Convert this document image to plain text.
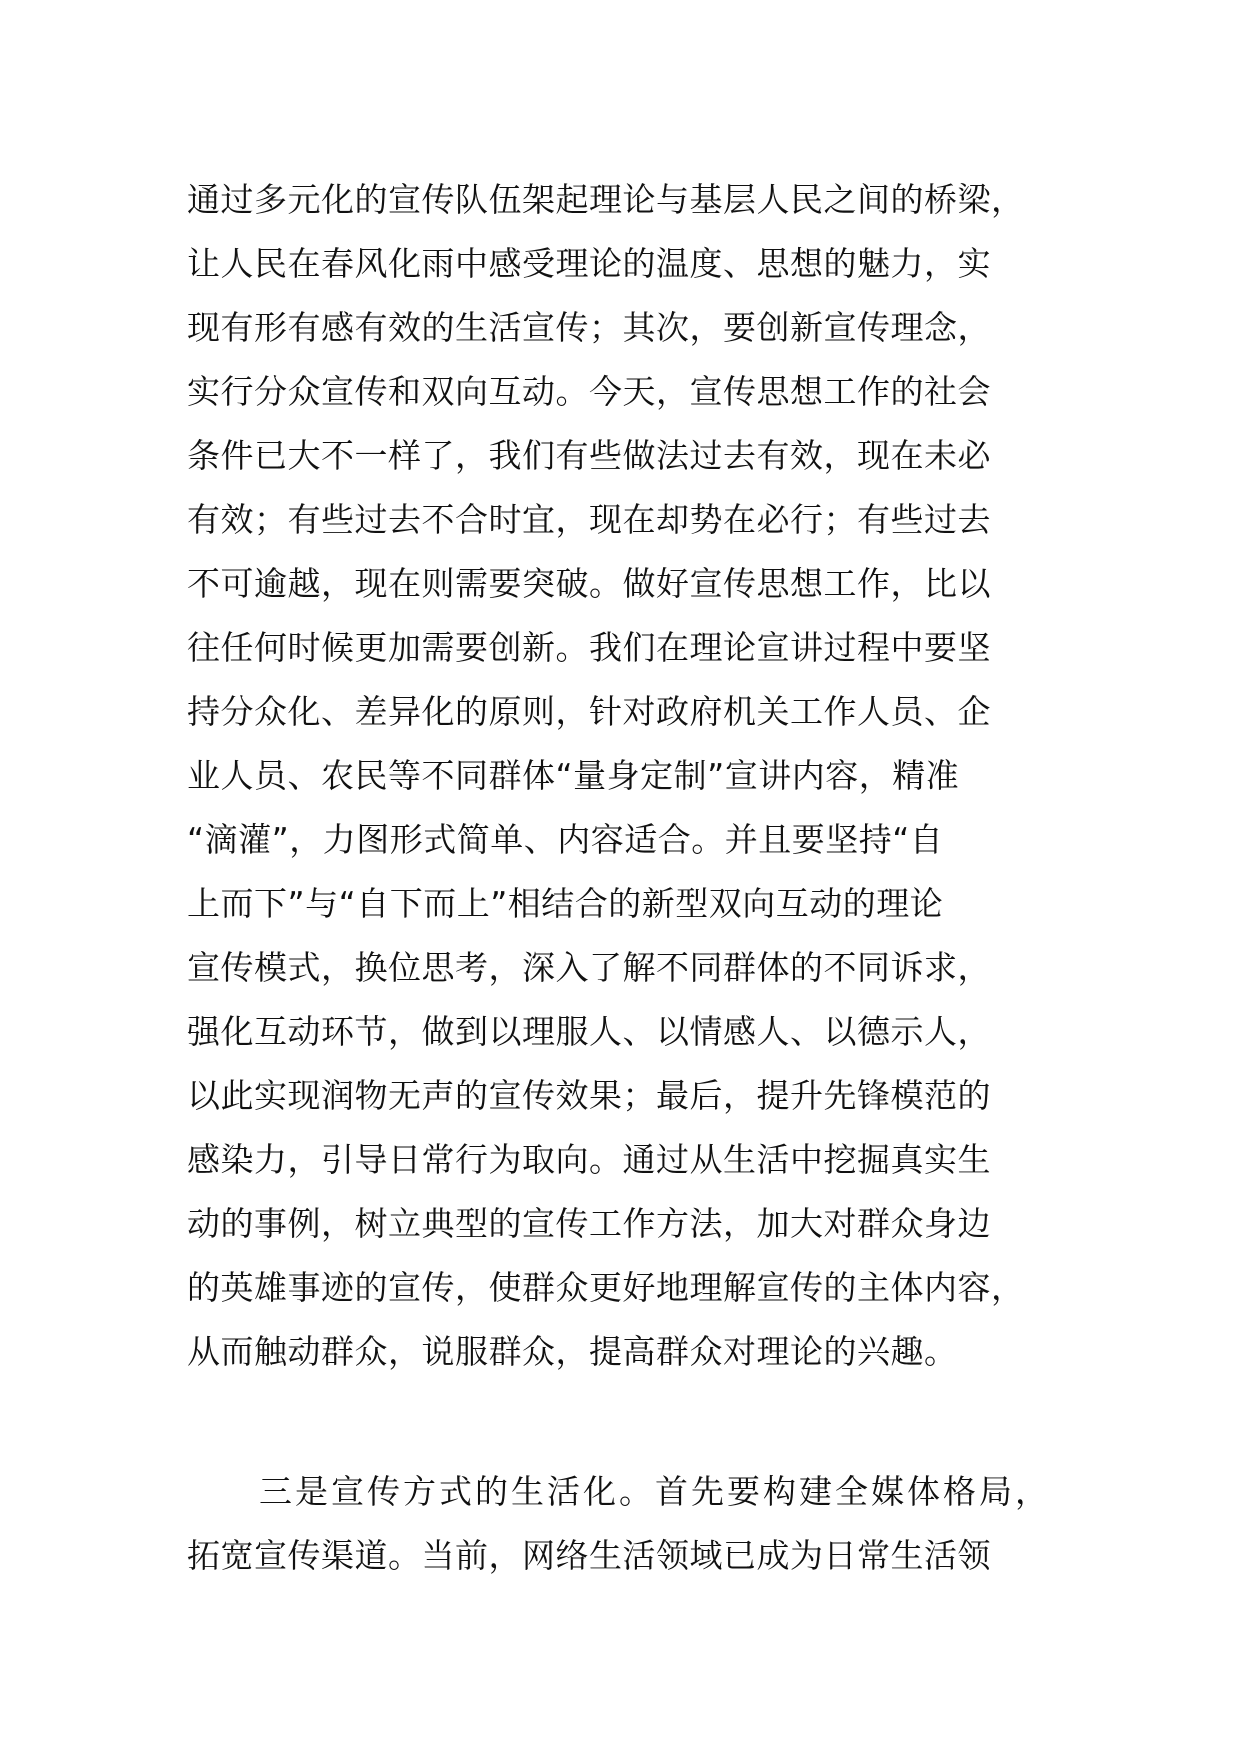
通过多元化的宣传队伍架起理论与基层人民之间的桥梁，
让人民在春风化雨中感受理论的温度、思想的魅力，实
现有形有感有效的生活宣传；其次，要创新宣传理念，
实行分众宣传和双向互动。今天，宣传思想工作的社会
条件已大不一样了，我们有些做法过去有效，现在未必
有效；有些过去不合时宜，现在却势在必行；有些过去
不可逾越，现在则需要突破。做好宣传思想工作，比以
往任何时候更加需要创新。我们在理论宣讲过程中要坚
持分众化、差异化的原则，针对政府机关工作人员、企
业人员、农民等不同群体“量身定制”宣讲内容，精准
“滴灌”，力图形式简单、内容适合。并且要坚持“自
上而下”与“自下而上”相结合的新型双向互动的理论
宣传模式，换位思考，深入了解不同群体的不同诉求，
强化互动环节，做到以理服人、以情感人、以德示人，
以此实现润物无声的宣传效果；最后，提升先锋模范的
感染力，引导日常行为取向。通过从生活中挖掘真实生
动的事例，树立典型的宣传工作方法，加大对群众身边
的英雄事迹的宣传，使群众更好地理解宣传的主体内容，
从而触动群众，说服群众，提高群众对理论的兴趣。
三是宣传方式的生活化。首先要构建全媒体格局，
拓宽宣传渠道。当前，网络生活领域已成为日常生活领
